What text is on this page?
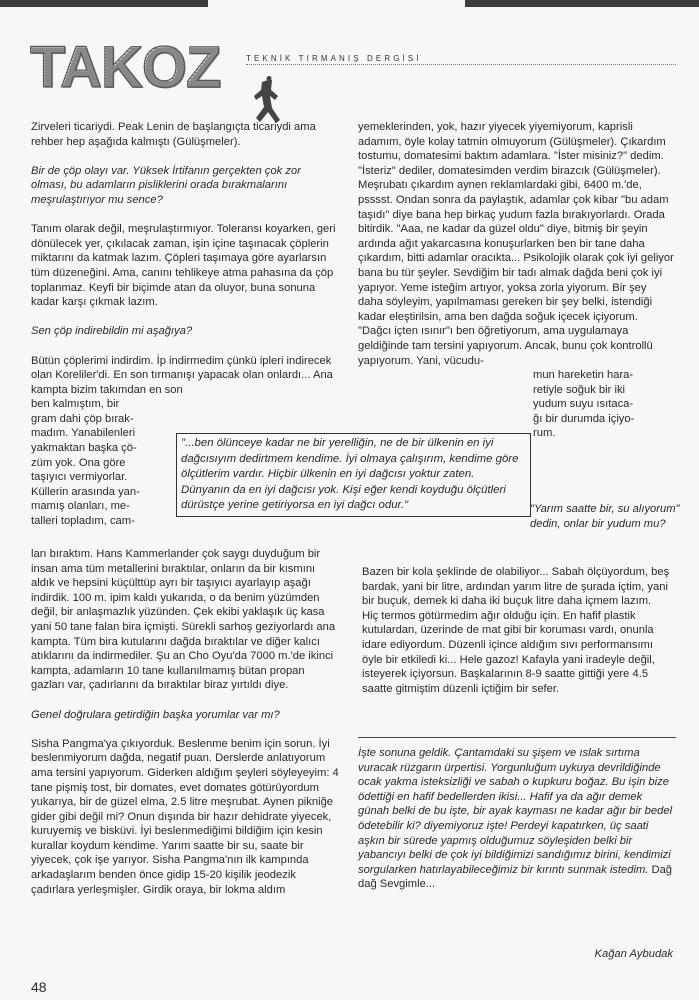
TAKOZ	TEKNİK TIRMANIŞ DERGİSİ

Zirveleri ticariydi. Peak Lenin de başlangıçta ticariydi ama rehber hep aşağıda kalmıştı (Gülüşmeler).

Bir de çöp olayı var. Yüksek İrtifanın gerçekten çok zor olması, bu adamların pisliklerini orada bırakmalarını meşrulaştırıyor mu sence?

Tanım olarak değil, meşrulaştırmıyor. Toleransı koyarken, geri dönülecek yer, çıkılacak zaman, işin içine taşınacak çöplerin miktarını da katmak lazım. Çöpleri taşımaya göre ayarlarsın tüm düzeneğini. Ama, canını tehlikeye atma pahasına da çöp toplanmaz. Keyfi bir biçimde atan da oluyor, buna sonuna kadar karşı çıkmak lazım.

Sen çöp indirebildin mi aşağıya?

Bütün çöplerimi indirdim. İp indirmedim çünkü ipleri indirecek olan Koreliler'di. En son tırmanışı yapacak olan onlardı... Ana kampta bizim takımdan en son

ben kalmıştım, bir
gram dahi çöp bırak-
madım. Yanabilenleri
yakmaktan başka çö-
züm yok. Ona göre
taşıyıcı vermiyorlar.
Küllerin arasında yan-
mamış olanları, me-
talleri topladım, cam-

ları bıraktım. Hans Kammerlander çok saygı duyduğum bir insan ama tüm metallerini bıraktılar, onların da bir kısmını aldık ve hepsini küçülttüp ayrı bir taşıyıcı ayarlayıp aşağı indirdik. 100 m. ipim kaldı yukarıda, o da benim yüzümden değil, bir anlaşmazlık yüzünden. Çek ekibi yaklaşık üç kasa yani 50 tane falan bira içmişti. Sürekli sarhoş geziyorlardı ana kampta. Tüm bira kutularını dağda bıraktılar ve diğer kalıcı atıklarını da indirmediler. Şu an Cho Oyu'da 7000 m.'de ikinci kampta, adamların 10 tane kullanılmamış bütan propan gazları var, çadırlarını da bıraktılar biraz yırtıldı diye.

Genel doğrulara getirdiğin başka yorumlar var mı?

Sisha Pangma'ya çıkıyorduk. Beslenme benim için sorun. İyi beslenmiyorum dağda, negatif puan. Derslerde anlatıyorum ama tersini yapıyorum. Giderken aldığım şeyleri söyleyeyim: 4 tane pişmiş tost, bir domates, evet domates götürüyordum yukarıya, bir de güzel elma, 2.5 litre meşrubat. Aynen pikniğe gider gibi değil mi? Onun dışında bir hazır dehidrate yiyecek, kuruyemiş ve bisküvi. İyi beslenmediğimi bildiğim için kesin kurallar koydum kendime. Yarım saatte bir su, saate bir yiyecek, çok işe yarıyor. Sisha Pangma'nın ilk kampında arkadaşlarım benden önce gidip 15-20 kişilik jeodezik çadırlara yerleşmişler. Girdik oraya, bir lokma aldım

yemeklerinden, yok, hazır yiyecek yiyemiyorum, kaprisli adamım, öyle kolay tatmin olmuyorum (Gülüşmeler). Çıkardım tostumu, domatesimi baktım adamlara. "İster misiniz?" dedim. "İsteriz" dediler, domatesimden verdim birazcık (Gülüşmeler). Meşrubatı çıkardım aynen reklamlardaki gibi, 6400 m.'de, psssst. Ondan sonra da paylaştık, adamlar çok kibar "bu adam taşıdı" diye bana hep birkaç yudum fazla bırakıyorlardı. Orada bitirdik. "Aaa, ne kadar da güzel oldu" diye, bitmiş bir şeyin ardında ağıt yakarcasına konuşurlarken ben bir tane daha çıkardım, bitti adamlar oracıkta... Psikolojik olarak çok iyi geliyor bana bu tür şeyler. Sevdiğim bir tadı almak dağda beni çok iyi yapıyor. Yeme isteğim artıyor, yoksa zorla yiyorum. Bir şey daha söyleyim, yapılmaması gereken bir şey belki, istendiği kadar eleştirilsin, ama ben dağda soğuk içecek içiyorum. "Dağcı içten ısınır"ı ben öğretiyorum, ama uygulamaya geldiğinde tam tersini yapıyorum. Ancak, bunu çok kontrollü yapıyorum. Yani, vücudu-

mun hareketin hara-
retiyle soğuk bir iki
yudum suyu ısıtaca-
ğı bir durumda içiyo-
rum.
"...ben ölünceye kadar ne bir yerelliğin, ne de bir ülkenin en iyi dağcısıyım dedirtmem kendime. İyi olmaya çalışırım, kendime göre ölçütlerim vardır. Hiçbir ülkenin en iyi dağcısı yoktur zaten. Dünyanın da en iyi dağcısı yok. Kişi eğer kendi koyduğu ölçütleri dürüstçe yerine getiriyorsa en iyi dağcı odur."	"Yarım saatte bir, su alıyorum" dedin, onlar bir yudum mu?

Bazen bir kola şeklinde de olabiliyor... Sabah ölçüyordum, beş bardak, yani bir litre, ardından yarım litre de şurada içtim, yani bir buçuk, demek ki daha iki buçuk litre daha içmem lazım. Hiç termos götürmedim ağır olduğu için. En hafif plastik kutulardan, üzerinde de mat gibi bir koruması vardı, onunla idare ediyordum. Düzenli içince aldığım sıvı performansımı öyle bir etkiledi ki... Hele gazoz! Kafayla yani iradeyle değil, isteyerek içiyorsun. Başkalarının 8-9 saatte gittiği yere 4.5 saatte gitmiştim düzenli içtiğim bir sefer.

İşte sonuna geldik. Çantamdaki su şişem ve ıslak sırtıma vuracak rüzgarın ürpertisi. Yorgunluğum uykuya devrildiğinde ocak yakma isteksizliği ve sabah o kupkuru boğaz. Bu işin bize ödettiği en hafif bedellerden ikisi... Hafif ya da ağır demek günah belki de bu işte, bir ayak kayması ne kadar ağır bir bedel ödetebilir ki? diyemiyoruz işte! Perdeyi kapatırken, üç saati aşkın bir sürede yapmış olduğumuz söyleşiden belki bir yabancıyı belki de çok iyi bildiğimizi sandığımız birini, kendimizi sorgularken hatırlayabileceğimiz bir kırıntı sunmak istedim. Dağ dağ Sevgimle...
Kağan Aybudak
48
